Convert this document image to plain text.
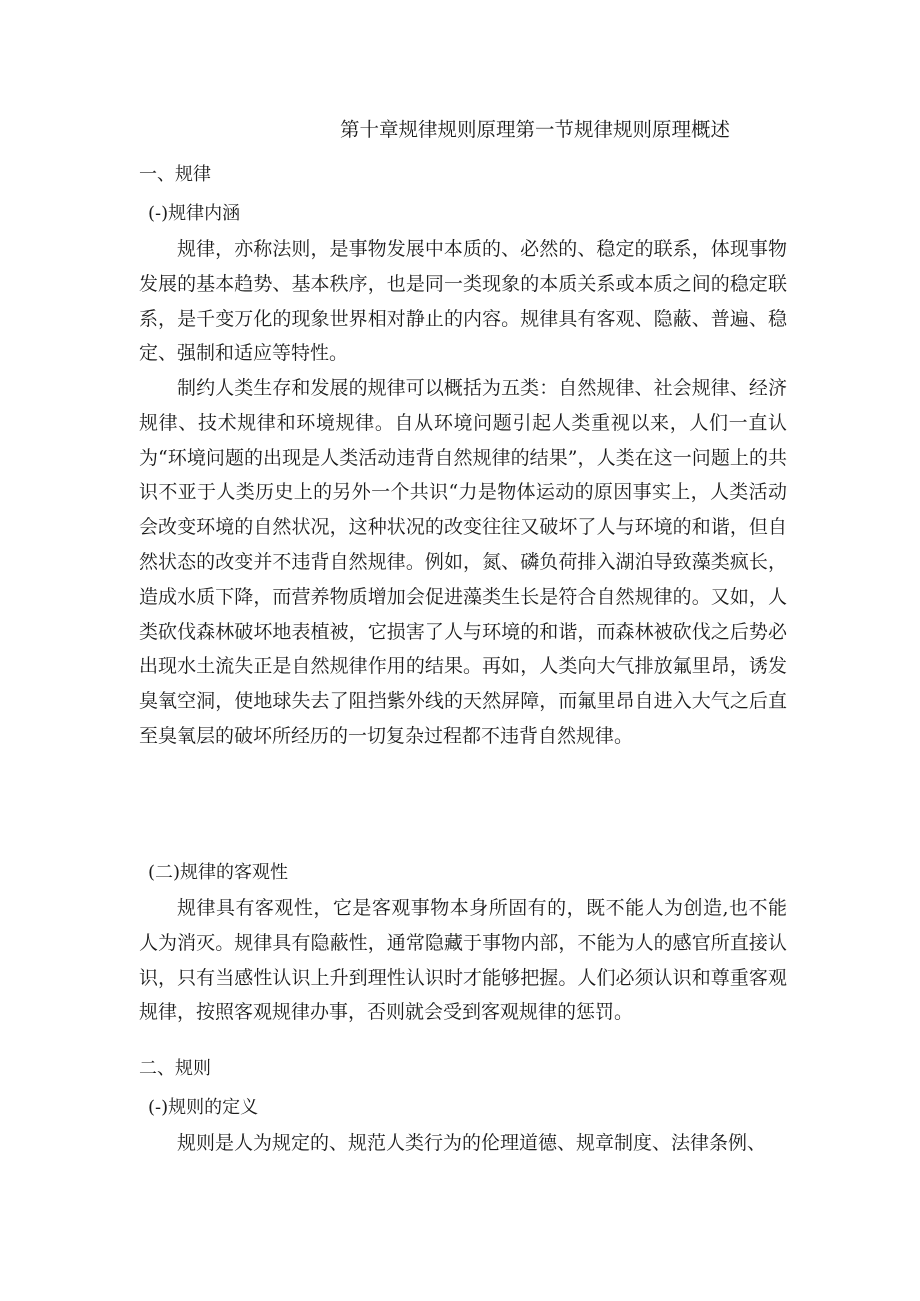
第十章规律规则原理第一节规律规则原理概述
一、规律
(-)规律内涵

规律，亦称法则，是事物发展中本质的、必然的、稳定的联系，体现事物发展的基本趋势、基本秩序，也是同一类现象的本质关系或本质之间的稳定联系，是千变万化的现象世界相对静止的内容。规律具有客观、隐蔽、普遍、稳定、强制和适应等特性。

制约人类生存和发展的规律可以概括为五类：自然规律、社会规律、经济规律、技术规律和环境规律。自从环境问题引起人类重视以来，人们一直认为“环境问题的出现是人类活动违背自然规律的结果”，人类在这一问题上的共识不亚于人类历史上的另外一个共识“力是物体运动的原因事实上，人类活动会改变环境的自然状况，这种状况的改变往往又破坏了人与环境的和谐，但自然状态的改变并不违背自然规律。例如，氮、磷负荷排入湖泊导致藻类疯长，造成水质下降，而营养物质增加会促进藻类生长是符合自然规律的。又如，人类砍伐森林破坏地表植被，它损害了人与环境的和谐，而森林被砍伐之后势必出现水土流失正是自然规律作用的结果。再如，人类向大气排放氟里昂，诱发臭氧空洞，使地球失去了阻挡紫外线的天然屏障，而氟里昂自进入大气之后直至臭氧层的破坏所经历的一切复杂过程都不违背自然规律。

(二)规律的客观性

规律具有客观性，它是客观事物本身所固有的，既不能人为创造,也不能人为消灭。规律具有隐蔽性，通常隐藏于事物内部，不能为人的感官所直接认识，只有当感性认识上升到理性认识时才能够把握。人们必须认识和尊重客观规律，按照客观规律办事，否则就会受到客观规律的惩罚。

二、规则
(-)规则的定义

规则是人为规定的、规范人类行为的伦理道德、规章制度、法律条例、
